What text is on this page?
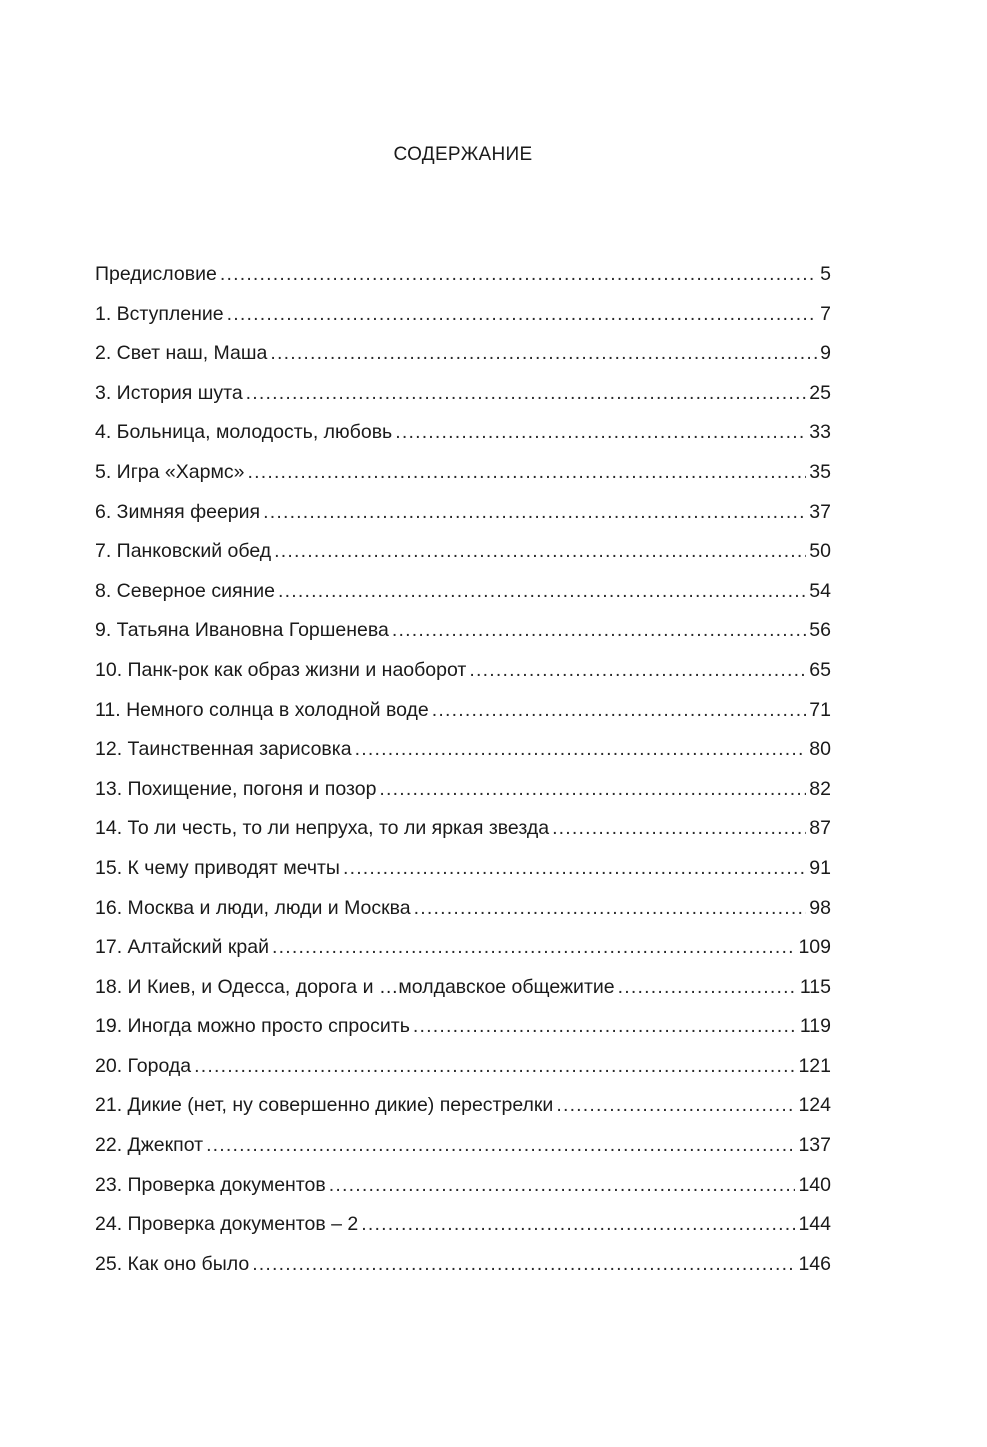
СОДЕРЖАНИЕ
Предисловие .....	5
1. Вступление .....	7
2. Свет наш, Маша .....	9
3. История шута .....	25
4. Больница, молодость, любовь .....	33
5. Игра «Хармс» .....	35
6. Зимняя феерия .....	37
7. Панковский обед .....	50
8. Северное сияние .....	54
9. Татьяна Ивановна Горшенева .....	56
10. Панк-рок как образ жизни и наоборот .....	65
11. Немного солнца в холодной воде .....	71
12. Таинственная зарисовка .....	80
13. Похищение, погоня и позор .....	82
14. То ли честь, то ли непруха, то ли яркая звезда .....	87
15. К чему приводят мечты .....	91
16. Москва и люди, люди и Москва .....	98
17. Алтайский край .....	109
18. И Киев, и Одесса, дорога и …молдавское общежитие .....	115
19. Иногда можно просто спросить .....	119
20. Города .....	121
21. Дикие (нет, ну совершенно дикие) перестрелки .....	124
22. Джекпот .....	137
23. Проверка документов .....	140
24. Проверка документов – 2 .....	144
25. Как оно было .....	146
